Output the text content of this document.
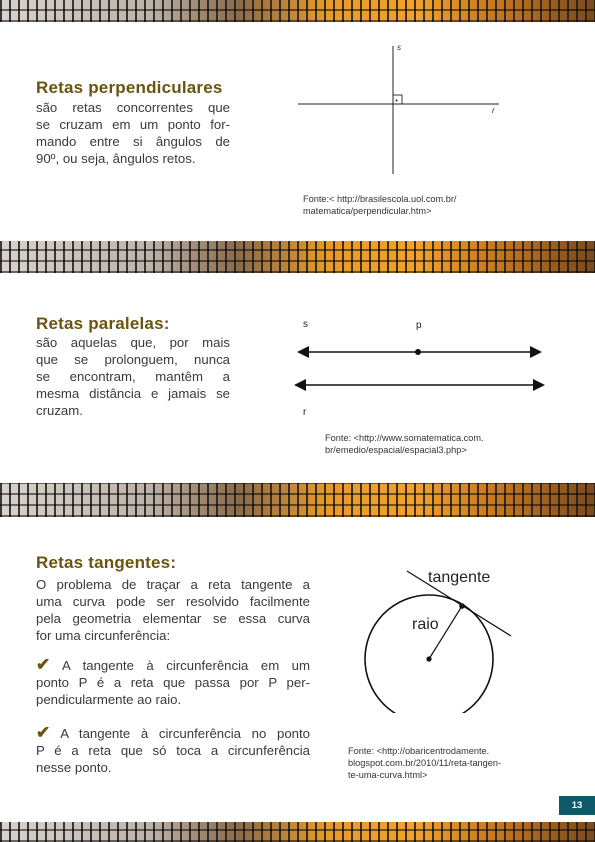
Retas perpendiculares
são retas concorrentes que
se cruzam em um ponto for-
mando entre si ângulos de
90º, ou seja, ângulos retos.
s
r
Fonte:< http://brasilescola.uol.com.br/
matematica/perpendicular.htm>
Retas paralelas:
são aquelas que, por mais
que se prolonguem, nunca
se encontram, mantêm a
mesma distância e jamais se
cruzam.
s	p
r
Fonte: <http://www.somatematica.com.
br/emedio/espacial/espacial3.php>
Retas tangentes:
O problema de traçar a reta tangente a
uma curva pode ser resolvido facilmente
pela geometria elementar se essa curva
for uma circunferência:
✔ A tangente à circunferência em um
ponto P é a reta que passa por P per-
pendicularmente ao raio.
✔ A tangente à circunferência no ponto
P é a reta que só toca a circunferência
nesse ponto.
tangente
raio
Fonte: <http://obaricentrodamente.
blogspot.com.br/2010/11/reta-tangen-
te-uma-curva.html>
13
